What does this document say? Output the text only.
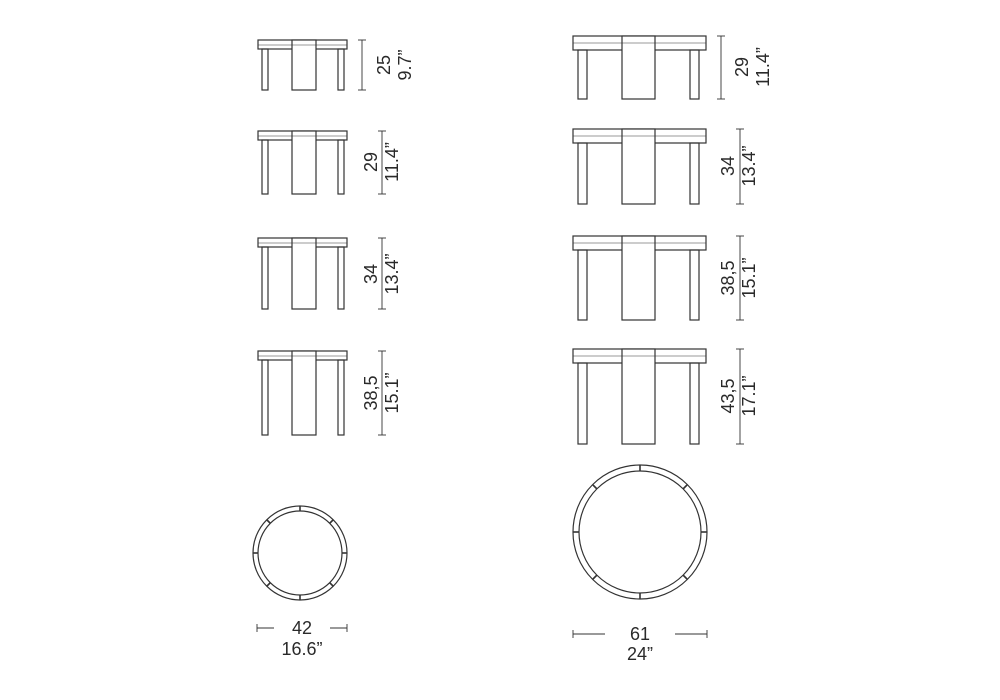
25 9.7”
29 11.4”
34 13.4”
38,5 15.1”
29 11.4”
34 13.4”
38,5 15.1”
43,5 17.1”
42
16.6”
61
24”
